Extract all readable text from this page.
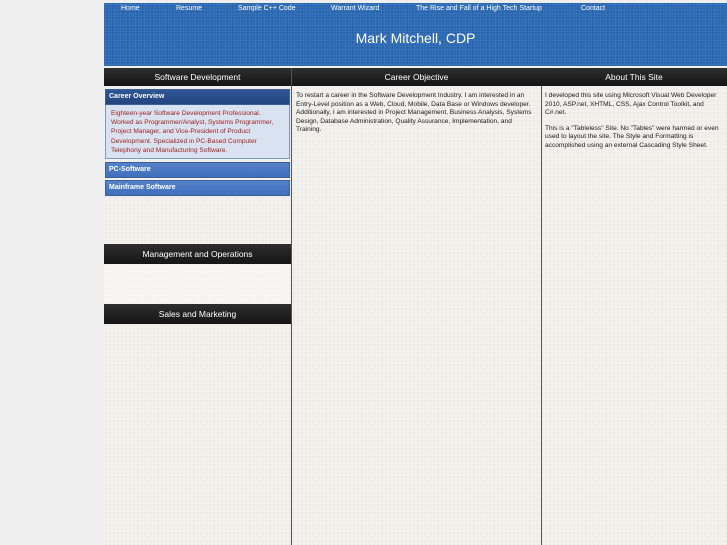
Home	Resume	Sample C++ Code	Warrant Wizard	The Rise and Fall of a High Tech Startup	Contact
Mark Mitchell, CDP
Software Development
Career Overview
Eighteen-year Software Development Professional. Worked as Programmer/Analyst, Systems Programmer, Project Manager, and Vice-President of Product Development. Specialized in PC-Based Computer Telephony and Manufacturing Software.
PC-Software
Mainframe Software
Management and Operations
Sales and Marketing
Career Objective

To restart a career in the Software Development Industry. I am interested in an Entry-Level position as a Web, Cloud, Mobile, Data Base or Windows developer. Additionally, I am interested in Project Management, Business Analysis, Systems Design, Database Administration, Quality Assurance, Implementation, and Training.

About This Site

I developed this site using Microsoft Visual Web Developer 2010, ASP.net, XHTML, CSS, Ajax Control Toolkit, and C#.net.

This is a "Tableless" Site. No "Tables" were harmed or even used to layout the site. The Style and Formatting is accomplished using an external Cascading Style Sheet.
